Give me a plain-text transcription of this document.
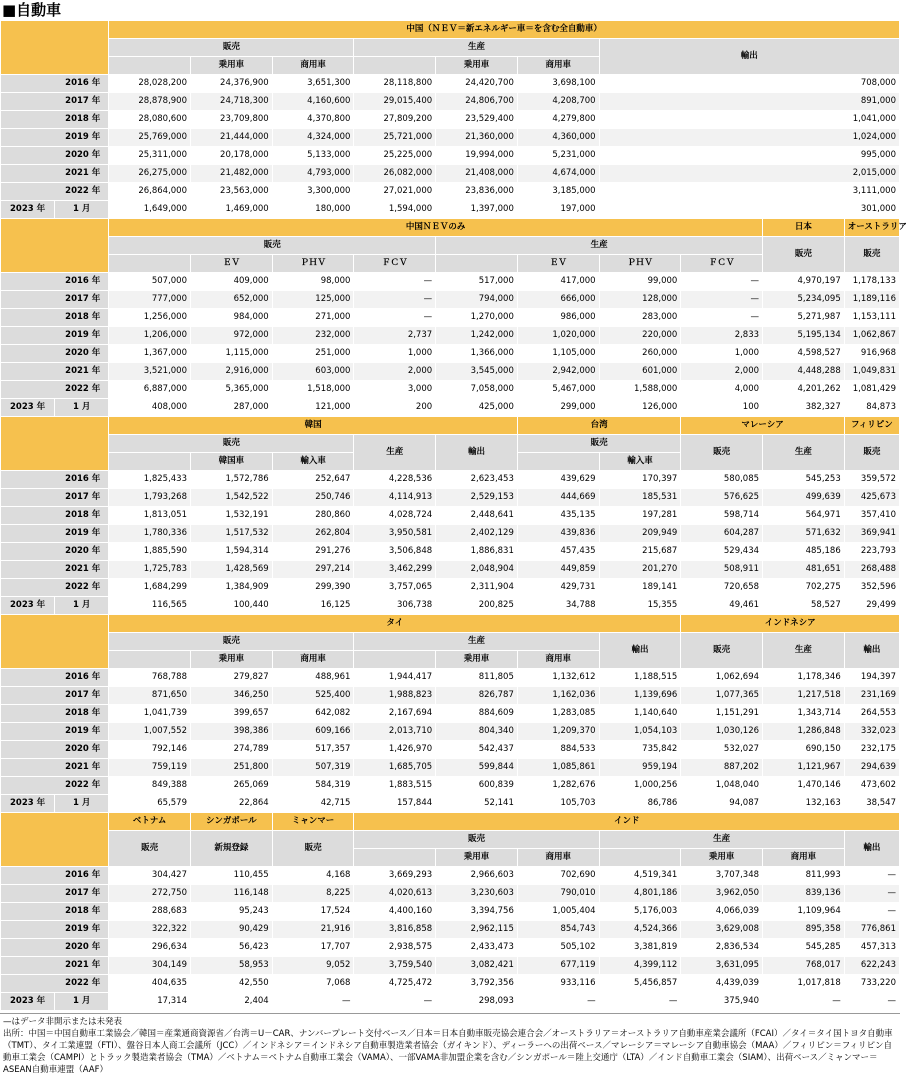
■自動車
		中国（ＮＥＶ＝新エネルギー車＝を含む全自動車）									
		販売			生産			輸出			
			乗用車	商用車		乗用車	商用車				
2016 年		28,028,200	24,376,900	3,651,300	28,118,800	24,420,700	3,698,100	708,000			
2017 年		28,878,900	24,718,300	4,160,600	29,015,400	24,806,700	4,208,700	891,000			
2018 年		28,080,600	23,709,800	4,370,800	27,809,200	23,529,400	4,279,800	1,041,000			
2019 年		25,769,000	21,444,000	4,324,000	25,721,000	21,360,000	4,360,000	1,024,000			
2020 年		25,311,000	20,178,000	5,133,000	25,225,000	19,994,000	5,231,000	995,000			
2021 年		26,275,000	21,482,000	4,793,000	26,082,000	21,408,000	4,674,000	2,015,000			
2022 年		26,864,000	23,563,000	3,300,000	27,021,000	23,836,000	3,185,000	3,111,000			
2023 年	1 月	1,649,000	1,469,000	180,000	1,594,000	1,397,000	197,000	301,000			
		中国ＮＥＶのみ								日本	オーストラリア
		販売				生産				販売	販売
			ＥＶ	ＰＨＶ	ＦＣＶ		ＥＶ	ＰＨＶ	ＦＣＶ		
2016 年		507,000	409,000	98,000	—	517,000	417,000	99,000	—	4,970,197	1,178,133
2017 年		777,000	652,000	125,000	—	794,000	666,000	128,000	—	5,234,095	1,189,116
2018 年		1,256,000	984,000	271,000	—	1,270,000	986,000	283,000	—	5,271,987	1,153,111
2019 年		1,206,000	972,000	232,000	2,737	1,242,000	1,020,000	220,000	2,833	5,195,134	1,062,867
2020 年		1,367,000	1,115,000	251,000	1,000	1,366,000	1,105,000	260,000	1,000	4,598,527	916,968
2021 年		3,521,000	2,916,000	603,000	2,000	3,545,000	2,942,000	601,000	2,000	4,448,288	1,049,831
2022 年		6,887,000	5,365,000	1,518,000	3,000	7,058,000	5,467,000	1,588,000	4,000	4,201,262	1,081,429
2023 年	1 月	408,000	287,000	121,000	200	425,000	299,000	126,000	100	382,327	84,873
		韓国					台湾		マレーシア		フィリピン
		販売			生産	輸出	販売		販売	生産	販売
			韓国車	輸入車				輸入車			
2016 年		1,825,433	1,572,786	252,647	4,228,536	2,623,453	439,629	170,397	580,085	545,253	359,572
2017 年		1,793,268	1,542,522	250,746	4,114,913	2,529,153	444,669	185,531	576,625	499,639	425,673
2018 年		1,813,051	1,532,191	280,860	4,028,724	2,448,641	435,135	197,281	598,714	564,971	357,410
2019 年		1,780,336	1,517,532	262,804	3,950,581	2,402,129	439,836	209,949	604,287	571,632	369,941
2020 年		1,885,590	1,594,314	291,276	3,506,848	1,886,831	457,435	215,687	529,434	485,186	223,793
2021 年		1,725,783	1,428,569	297,214	3,462,299	2,048,904	449,859	201,270	508,911	481,651	268,488
2022 年		1,684,299	1,384,909	299,390	3,757,065	2,311,904	429,731	189,141	720,658	702,275	352,596
2023 年	1 月	116,565	100,440	16,125	306,738	200,825	34,788	15,355	49,461	58,527	29,499
		タイ							インドネシア		
		販売			生産			輸出	販売	生産	輸出
			乗用車	商用車		乗用車	商用車				
2016 年		768,788	279,827	488,961	1,944,417	811,805	1,132,612	1,188,515	1,062,694	1,178,346	194,397
2017 年		871,650	346,250	525,400	1,988,823	826,787	1,162,036	1,139,696	1,077,365	1,217,518	231,169
2018 年		1,041,739	399,657	642,082	2,167,694	884,609	1,283,085	1,140,640	1,151,291	1,343,714	264,553
2019 年		1,007,552	398,386	609,166	2,013,710	804,340	1,209,370	1,054,103	1,030,126	1,286,848	332,023
2020 年		792,146	274,789	517,357	1,426,970	542,437	884,533	735,842	532,027	690,150	232,175
2021 年		759,119	251,800	507,319	1,685,705	599,844	1,085,861	959,194	887,202	1,121,967	294,639
2022 年		849,388	265,069	584,319	1,883,515	600,839	1,282,676	1,000,256	1,048,040	1,470,146	473,602
2023 年	1 月	65,579	22,864	42,715	157,844	52,141	105,703	86,786	94,087	132,163	38,547
		ベトナム	シンガポール	ミャンマー	インド						
		販売	新規登録	販売	販売			生産			輸出
						乗用車	商用車		乗用車	商用車	
2016 年		304,427	110,455	4,168	3,669,293	2,966,603	702,690	4,519,341	3,707,348	811,993	—
2017 年		272,750	116,148	8,225	4,020,613	3,230,603	790,010	4,801,186	3,962,050	839,136	—
2018 年		288,683	95,243	17,524	4,400,160	3,394,756	1,005,404	5,176,003	4,066,039	1,109,964	—
2019 年		322,322	90,429	21,916	3,816,858	2,962,115	854,743	4,524,366	3,629,008	895,358	776,861
2020 年		296,634	56,423	17,707	2,938,575	2,433,473	505,102	3,381,819	2,836,534	545,285	457,313
2021 年		304,149	58,953	9,052	3,759,540	3,082,421	677,119	4,399,112	3,631,095	768,017	622,243
2022 年		404,635	42,550	7,068	4,725,472	3,792,356	933,116	5,456,857	4,439,039	1,017,818	733,220
2023 年	1 月	17,314	2,404	—	—	298,093	—	—	375,940	—	—
—はデータ非開示または未発表
出所：中国＝中国自動車工業協会／韓国＝産業通商資源省／台湾＝U－CAR、ナンバープレート交付ベース／日本＝日本自動車販売協会連合会／オーストラリア＝オーストラリア自動車産業会議所（FCAI）／タイ＝タイ国トヨタ自動車（TMT）、タイ工業連盟（FTI）、盤谷日本人商工会議所（JCC）／インドネシア＝インドネシア自動車製造業者協会（ガイキンド）、ディーラーへの出荷ベース／マレーシア＝マレーシア自動車協会（MAA）／フィリピン＝フィリピン自動車工業会（CAMPI）とトラック製造業者協会（TMA）／ベトナム＝ベトナム自動車工業会（VAMA）、一部VAMA非加盟企業を含む／シンガポール＝陸上交通庁（LTA）／インド自動車工業会（SIAM）、出荷ベース／ミャンマー＝ASEAN自動車連盟（AAF）
